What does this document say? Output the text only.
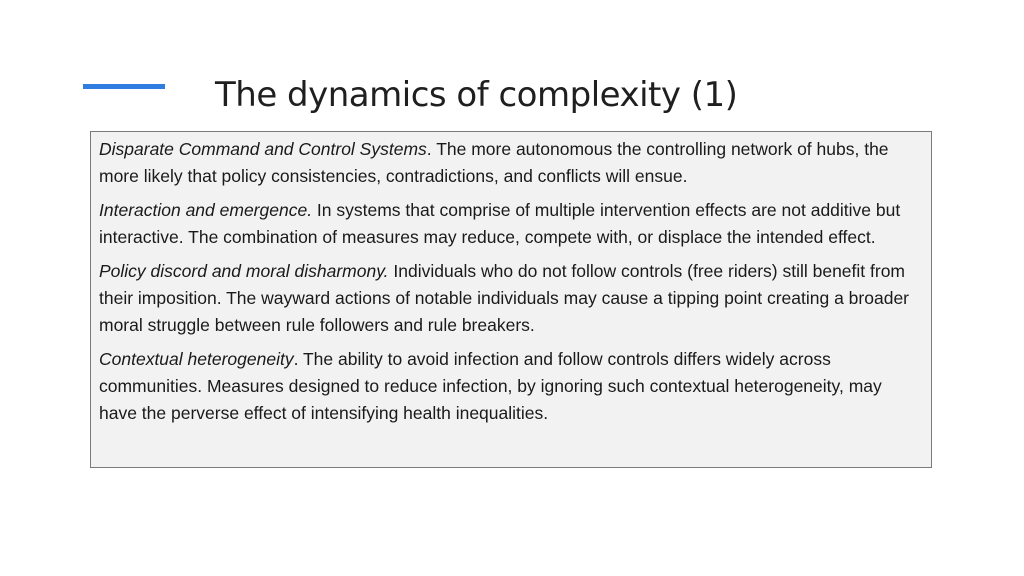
The dynamics of complexity (1)

Disparate Command and Control Systems. The more autonomous the controlling network of hubs, the more likely that policy consistencies, contradictions, and conflicts will ensue.

Interaction and emergence. In systems that comprise of multiple intervention effects are not additive but interactive. The combination of measures may reduce, compete with, or displace the intended effect.

Policy discord and moral disharmony. Individuals who do not follow controls (free riders) still benefit from their imposition. The wayward actions of notable individuals may cause a tipping point creating a broader moral struggle between rule followers and rule breakers.

Contextual heterogeneity. The ability to avoid infection and follow controls differs widely across communities. Measures designed to reduce infection, by ignoring such contextual heterogeneity, may have the perverse effect of intensifying health inequalities.
